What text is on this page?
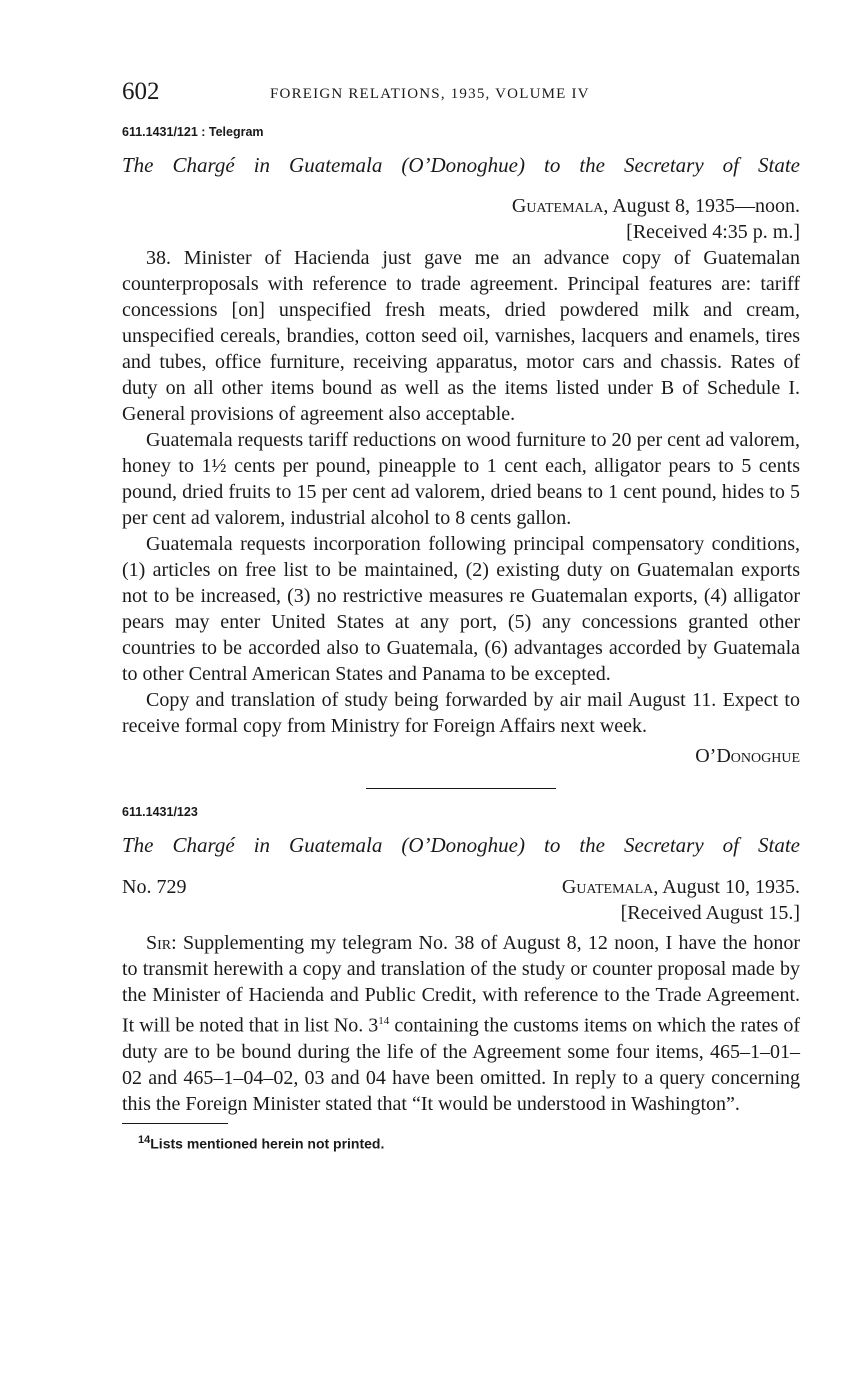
602	FOREIGN RELATIONS, 1935, VOLUME IV
611.1431/121 : Telegram
The Chargé in Guatemala (O’Donoghue) to the Secretary of State
Guatemala, August 8, 1935—noon.
[Received 4:35 p. m.]

38. Minister of Hacienda just gave me an advance copy of Guatemalan counterproposals with reference to trade agreement. Principal features are: tariff concessions [on] unspecified fresh meats, dried powdered milk and cream, unspecified cereals, brandies, cotton seed oil, varnishes, lacquers and enamels, tires and tubes, office furniture, receiving apparatus, motor cars and chassis. Rates of duty on all other items bound as well as the items listed under B of Schedule I. General provisions of agreement also acceptable.

Guatemala requests tariff reductions on wood furniture to 20 per cent ad valorem, honey to 1½ cents per pound, pineapple to 1 cent each, alligator pears to 5 cents pound, dried fruits to 15 per cent ad valorem, dried beans to 1 cent pound, hides to 5 per cent ad valorem, industrial alcohol to 8 cents gallon.

Guatemala requests incorporation following principal compensatory conditions, (1) articles on free list to be maintained, (2) existing duty on Guatemalan exports not to be increased, (3) no restrictive measures re Guatemalan exports, (4) alligator pears may enter United States at any port, (5) any concessions granted other countries to be accorded also to Guatemala, (6) advantages accorded by Guatemala to other Central American States and Panama to be excepted.

Copy and translation of study being forwarded by air mail August 11. Expect to receive formal copy from Ministry for Foreign Affairs next week.

O’Donoghue
611.1431/123
The Chargé in Guatemala (O’Donoghue) to the Secretary of State
No. 729	Guatemala, August 10, 1935.
[Received August 15.]

Sir: Supplementing my telegram No. 38 of August 8, 12 noon, I have the honor to transmit herewith a copy and translation of the study or counter proposal made by the Minister of Hacienda and Public Credit, with reference to the Trade Agreement. It will be noted that in list No. $3^{14}$ containing the customs items on which the rates of duty are to be bound during the life of the Agreement some four items, 465–1–01–02 and 465–1–04–02, 03 and 04 have been omitted. In reply to a query concerning this the Foreign Minister stated that “It would be understood in Washington”.

$^{14}$Lists mentioned herein not printed.
